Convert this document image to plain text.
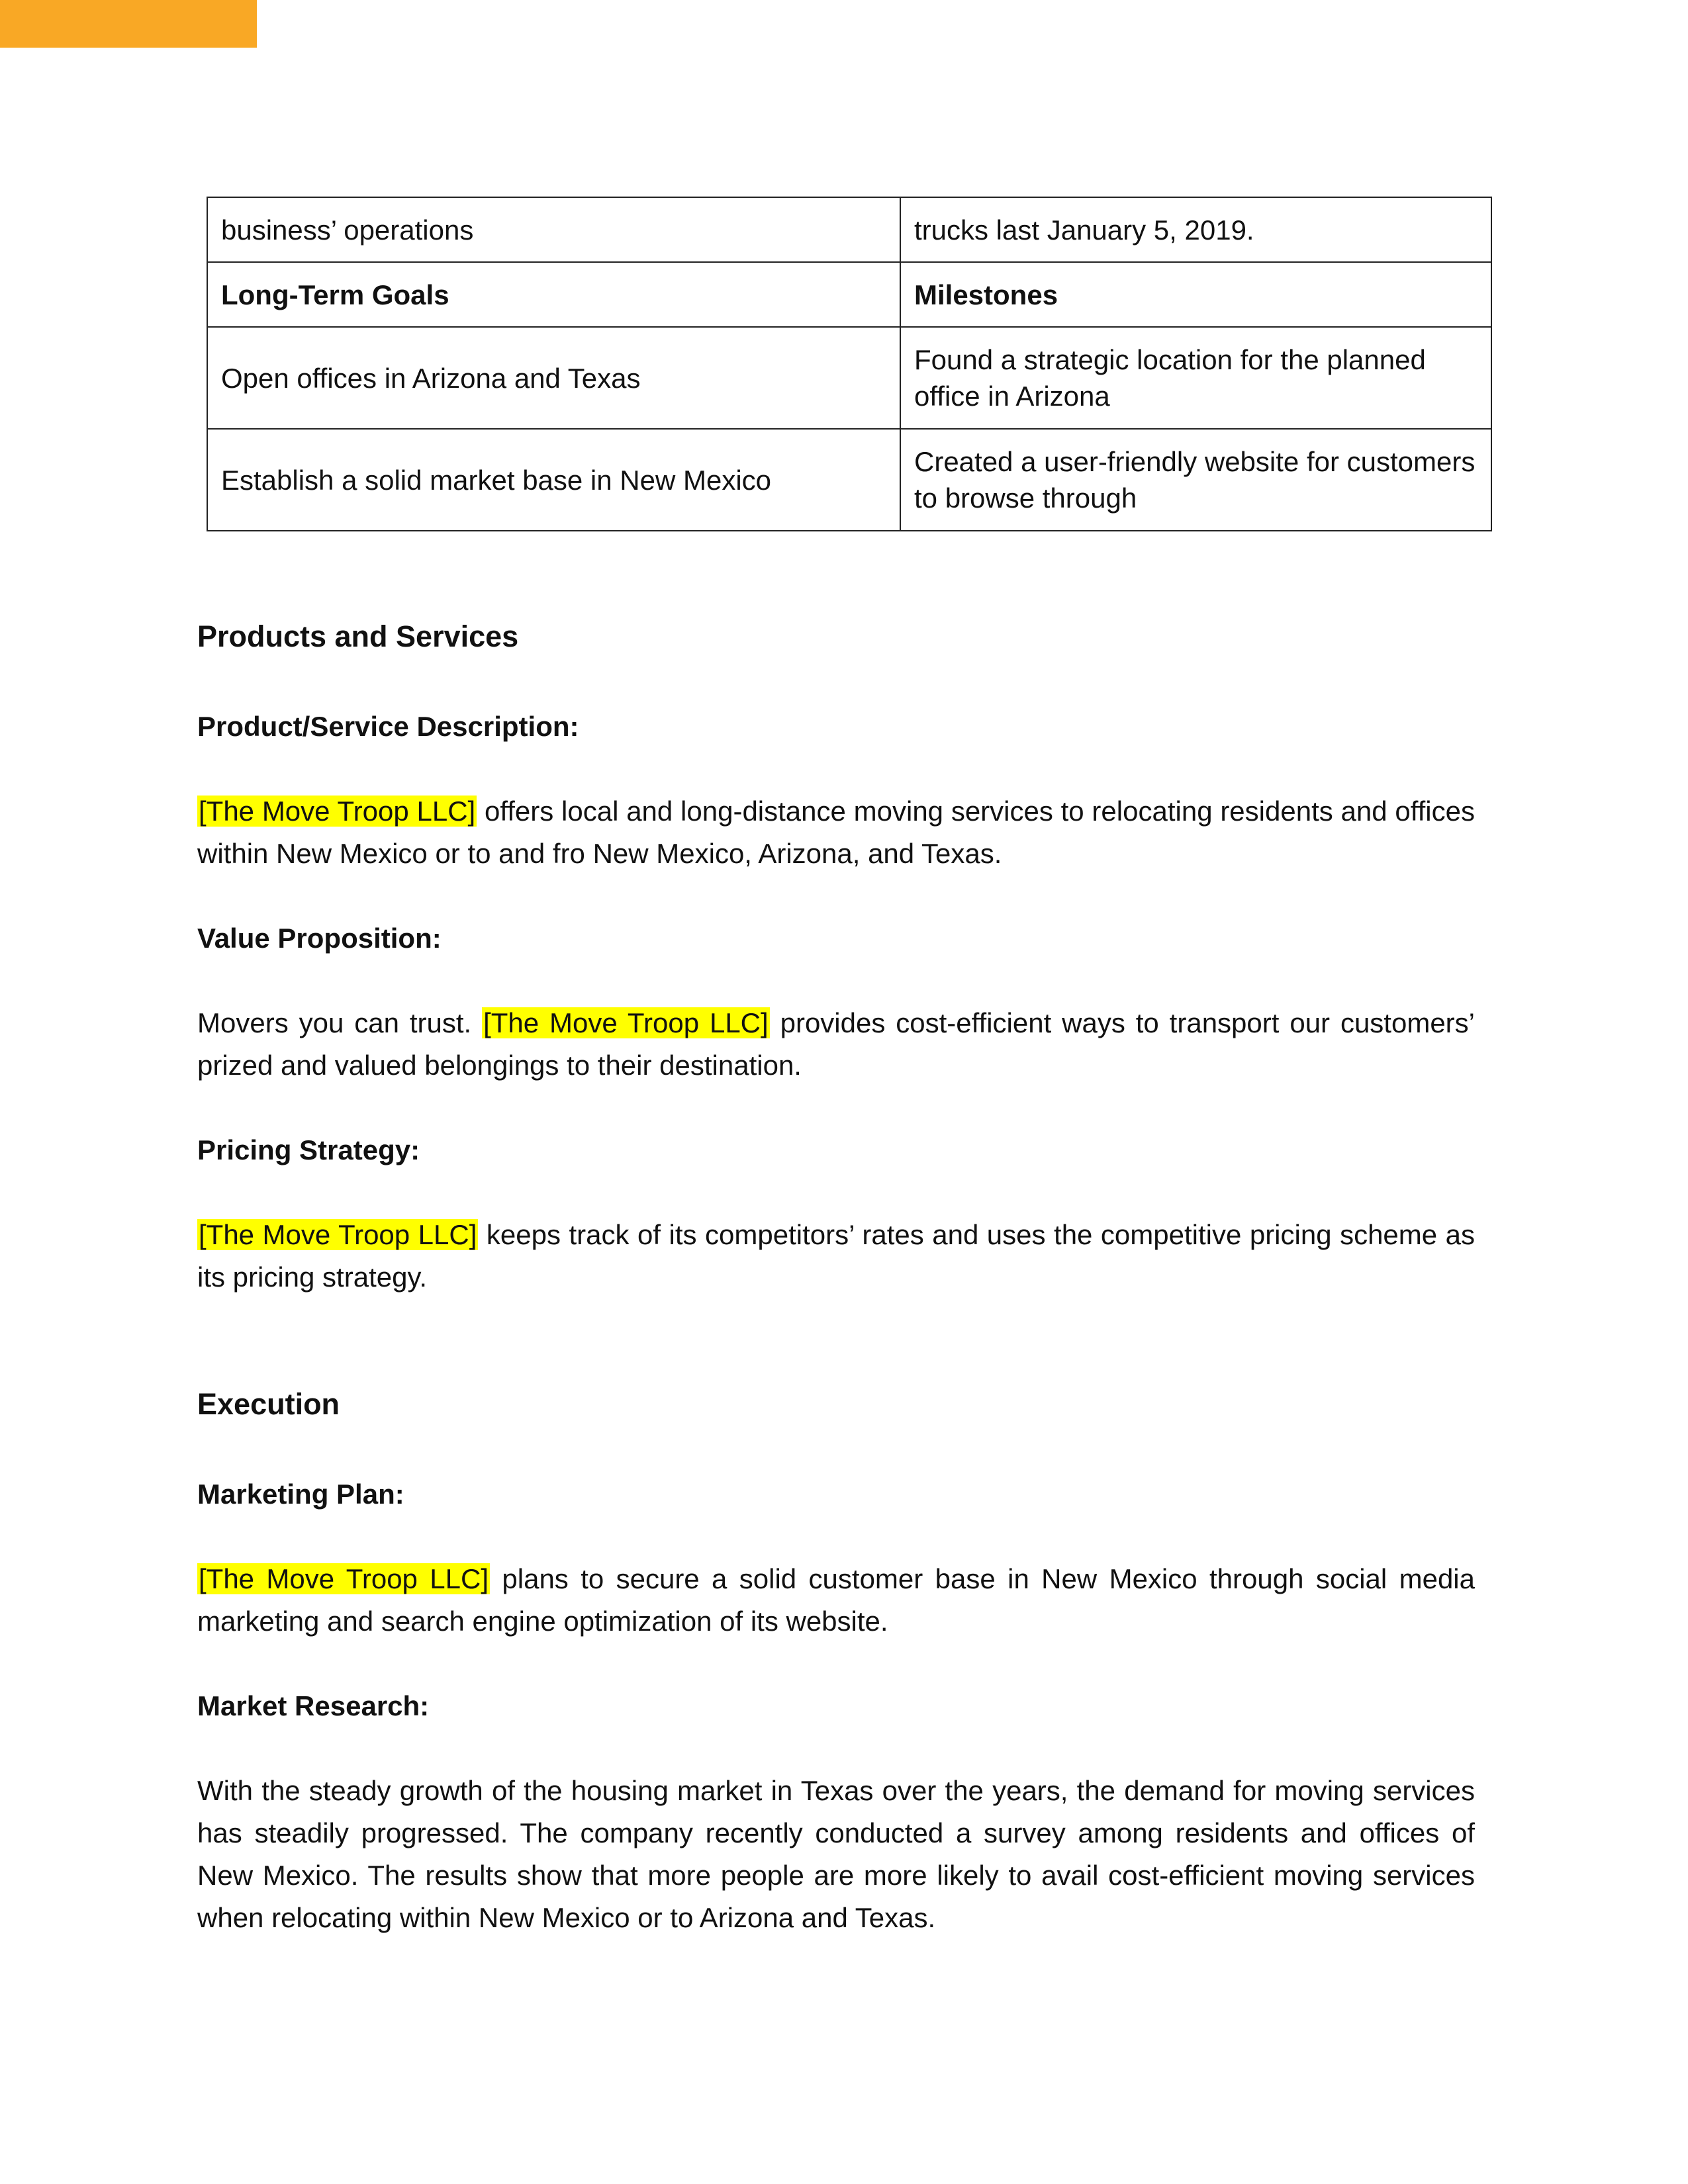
business’ operations	trucks last January 5, 2019.
Long-Term Goals	Milestones
Open offices in Arizona and Texas	Found a strategic location for the planned office in Arizona
Establish a solid market base in New Mexico	Created a user-friendly website for customers to browse through
Products and Services
Product/Service Description:

[The Move Troop LLC] offers local and long-distance moving services to relocating residents and offices within New Mexico or to and fro New Mexico, Arizona, and Texas.

Value Proposition:

Movers you can trust. [The Move Troop LLC] provides cost-efficient ways to transport our customers’ prized and valued belongings to their destination.

Pricing Strategy:

[The Move Troop LLC] keeps track of its competitors’ rates and uses the competitive pricing scheme as its pricing strategy.

Execution
Marketing Plan:

[The Move Troop LLC] plans to secure a solid customer base in New Mexico through social media marketing and search engine optimization of its website.

Market Research:

With the steady growth of the housing market in Texas over the years, the demand for moving services has steadily progressed. The company recently conducted a survey among residents and offices of New Mexico. The results show that more people are more likely to avail cost-efficient moving services when relocating within New Mexico or to Arizona and Texas.
